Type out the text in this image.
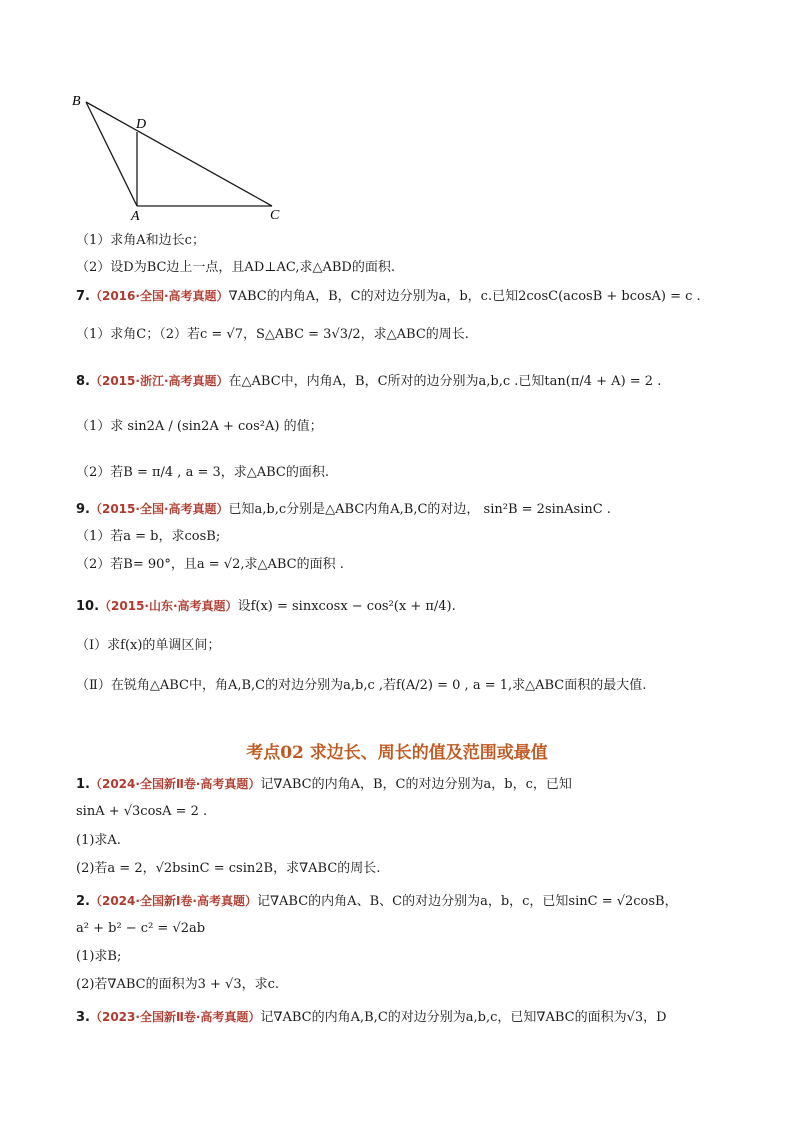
B
D
A	C
（1）求角A和边长c；
（2）设D为BC边上一点，且AD⊥AC,求△ABD的面积.
7.（2016·全国·高考真题）∇ABC的内角A，B，C的对边分别为a，b，c.已知2cosC(acosB + bcosA) = c .
（1）求角C；（2）若c = √7，S△ABC = 3√3/2，求△ABC的周长.
8.（2015·浙江·高考真题）在△ABC中，内角A，B，C所对的边分别为a,b,c .已知tan(π/4 + A) = 2 .
（1）求 sin2A / (sin2A + cos²A) 的值；
（2）若B = π/4 , a = 3，求△ABC的面积.
9.（2015·全国·高考真题）已知a,b,c分别是△ABC内角A,B,C的对边， sin²B = 2sinAsinC .
（1）若a = b，求cosB;
（2）若B= 90°，且a = √2,求△ABC的面积 .
10.（2015·山东·高考真题）设f(x) = sinxcosx − cos²(x + π/4).
（Ⅰ）求f(x)的单调区间；
（Ⅱ）在锐角△ABC中，角A,B,C的对边分别为a,b,c ,若f(A/2) = 0 , a = 1,求△ABC面积的最大值.
考点02 求边长、周长的值及范围或最值
1.（2024·全国新Ⅱ卷·高考真题）记∇ABC的内角A，B，C的对边分别为a，b，c，已知
sinA + √3cosA = 2 .
(1)求A.
(2)若a = 2，√2bsinC = csin2B，求∇ABC的周长.
2.（2024·全国新Ⅰ卷·高考真题）记∇ABC的内角A、B、C的对边分别为a，b，c，已知sinC = √2cosB，
a² + b² − c² = √2ab
(1)求B;
(2)若∇ABC的面积为3 + √3，求c.
3.（2023·全国新Ⅱ卷·高考真题）记∇ABC的内角A,B,C的对边分别为a,b,c，已知∇ABC的面积为√3，D
